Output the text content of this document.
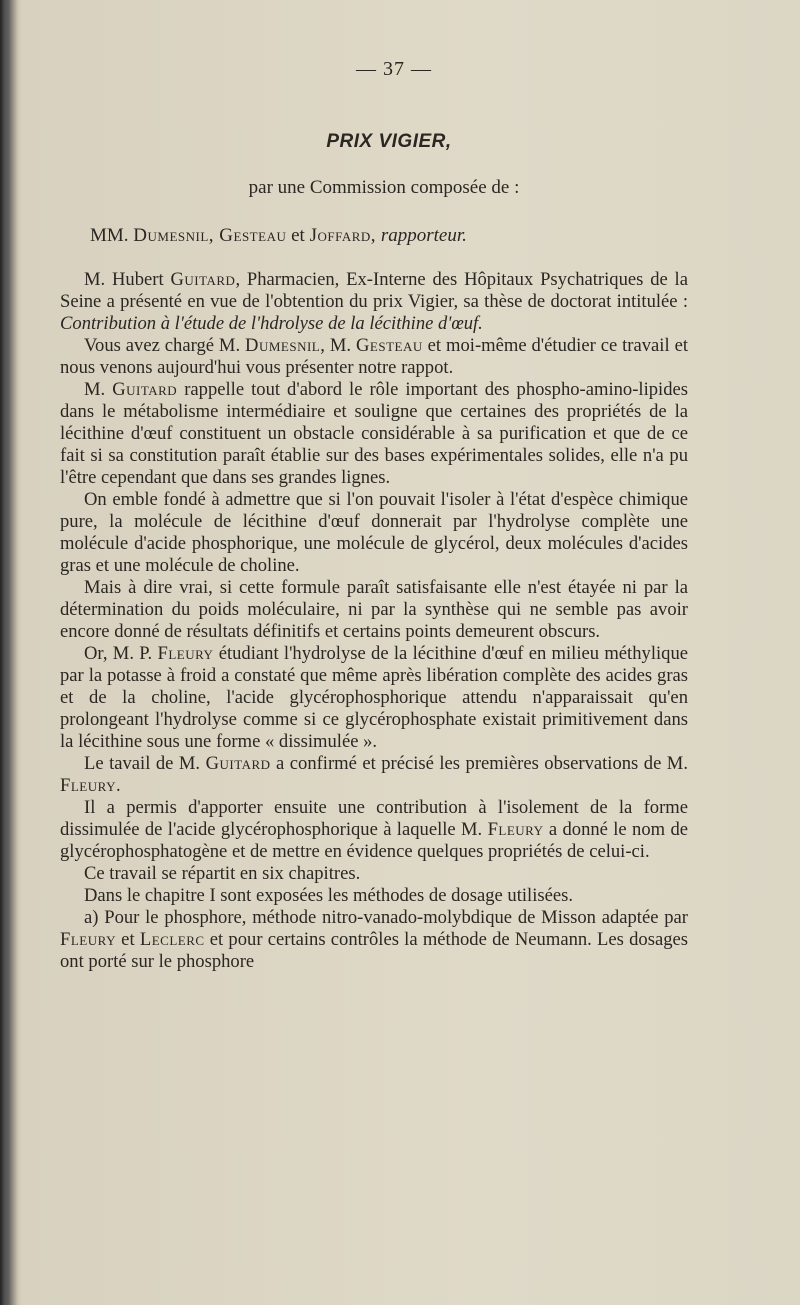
— 37 —
PRIX VIGIER,
par une Commission composée de :
MM. Dumesnil, Gesteau et Joffard, rapporteur.

M. Hubert Guitard, Pharmacien, Ex-Interne des Hôpitaux Psychatriques de la Seine a présenté en vue de l'obtention du prix Vigier, sa thèse de doctorat intitulée : Contribution à l'étude de l'hdrolyse de la lécithine d'œuf.

Vous avez chargé M. Dumesnil, M. Gesteau et moi-même d'étudier ce travail et nous venons aujourd'hui vous présenter notre rappot.

M. Guitard rappelle tout d'abord le rôle important des phospho-amino-lipides dans le métabolisme intermédiaire et souligne que certaines des propriétés de la lécithine d'œuf constituent un obstacle considérable à sa purification et que de ce fait si sa constitution paraît établie sur des bases expérimentales solides, elle n'a pu l'être cependant que dans ses grandes lignes.

On emble fondé à admettre que si l'on pouvait l'isoler à l'état d'espèce chimique pure, la molécule de lécithine d'œuf donnerait par l'hydrolyse complète une molécule d'acide phosphorique, une molécule de glycérol, deux molécules d'acides gras et une molécule de choline.

Mais à dire vrai, si cette formule paraît satisfaisante elle n'est étayée ni par la détermination du poids moléculaire, ni par la synthèse qui ne semble pas avoir encore donné de résultats définitifs et certains points demeurent obscurs.

Or, M. P. Fleury étudiant l'hydrolyse de la lécithine d'œuf en milieu méthylique par la potasse à froid a constaté que même après libération complète des acides gras et de la choline, l'acide glycérophosphorique attendu n'apparaissait qu'en prolongeant l'hydrolyse comme si ce glycérophosphate existait primitivement dans la lécithine sous une forme « dissimulée ».

Le tavail de M. Guitard a confirmé et précisé les premières observations de M. Fleury.

Il a permis d'apporter ensuite une contribution à l'isolement de la forme dissimulée de l'acide glycérophosphorique à laquelle M. Fleury a donné le nom de glycérophosphatogène et de mettre en évidence quelques propriétés de celui-ci.

Ce travail se répartit en six chapitres.

Dans le chapitre I sont exposées les méthodes de dosage utilisées.

a) Pour le phosphore, méthode nitro-vanado-molybdique de Misson adaptée par Fleury et Leclerc et pour certains contrôles la méthode de Neumann. Les dosages ont porté sur le phosphore
